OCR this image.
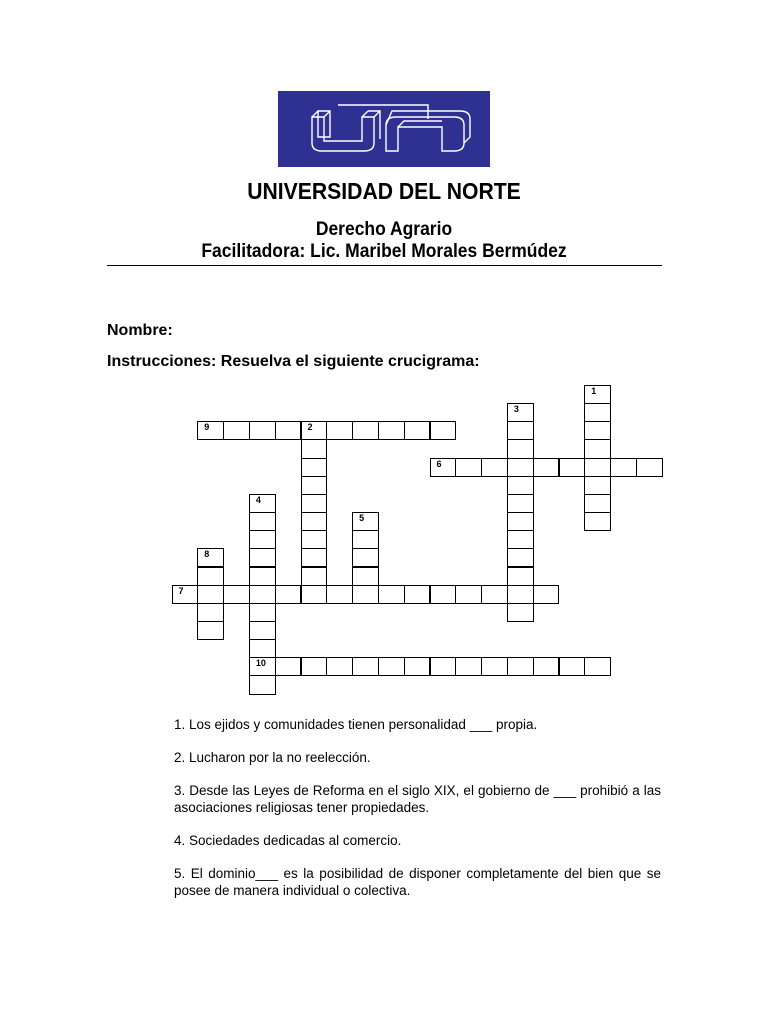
UNIVERSIDAD DEL NORTE
Derecho Agrario
Facilitadora: Lic. Maribel Morales Bermúdez
Nombre:
Instrucciones: Resuelva el siguiente crucigrama:
1
2
3
4
10
5
6
7
8
9
1. Los ejidos y comunidades tienen personalidad ___ propia.
2. Lucharon por la no reelección.
3. Desde las Leyes de Reforma en el siglo XIX, el gobierno de ___ prohibió a las asociaciones religiosas tener propiedades.
4. Sociedades dedicadas al comercio.
5. El dominio___ es la posibilidad de disponer completamente del bien que se posee de manera individual o colectiva.
